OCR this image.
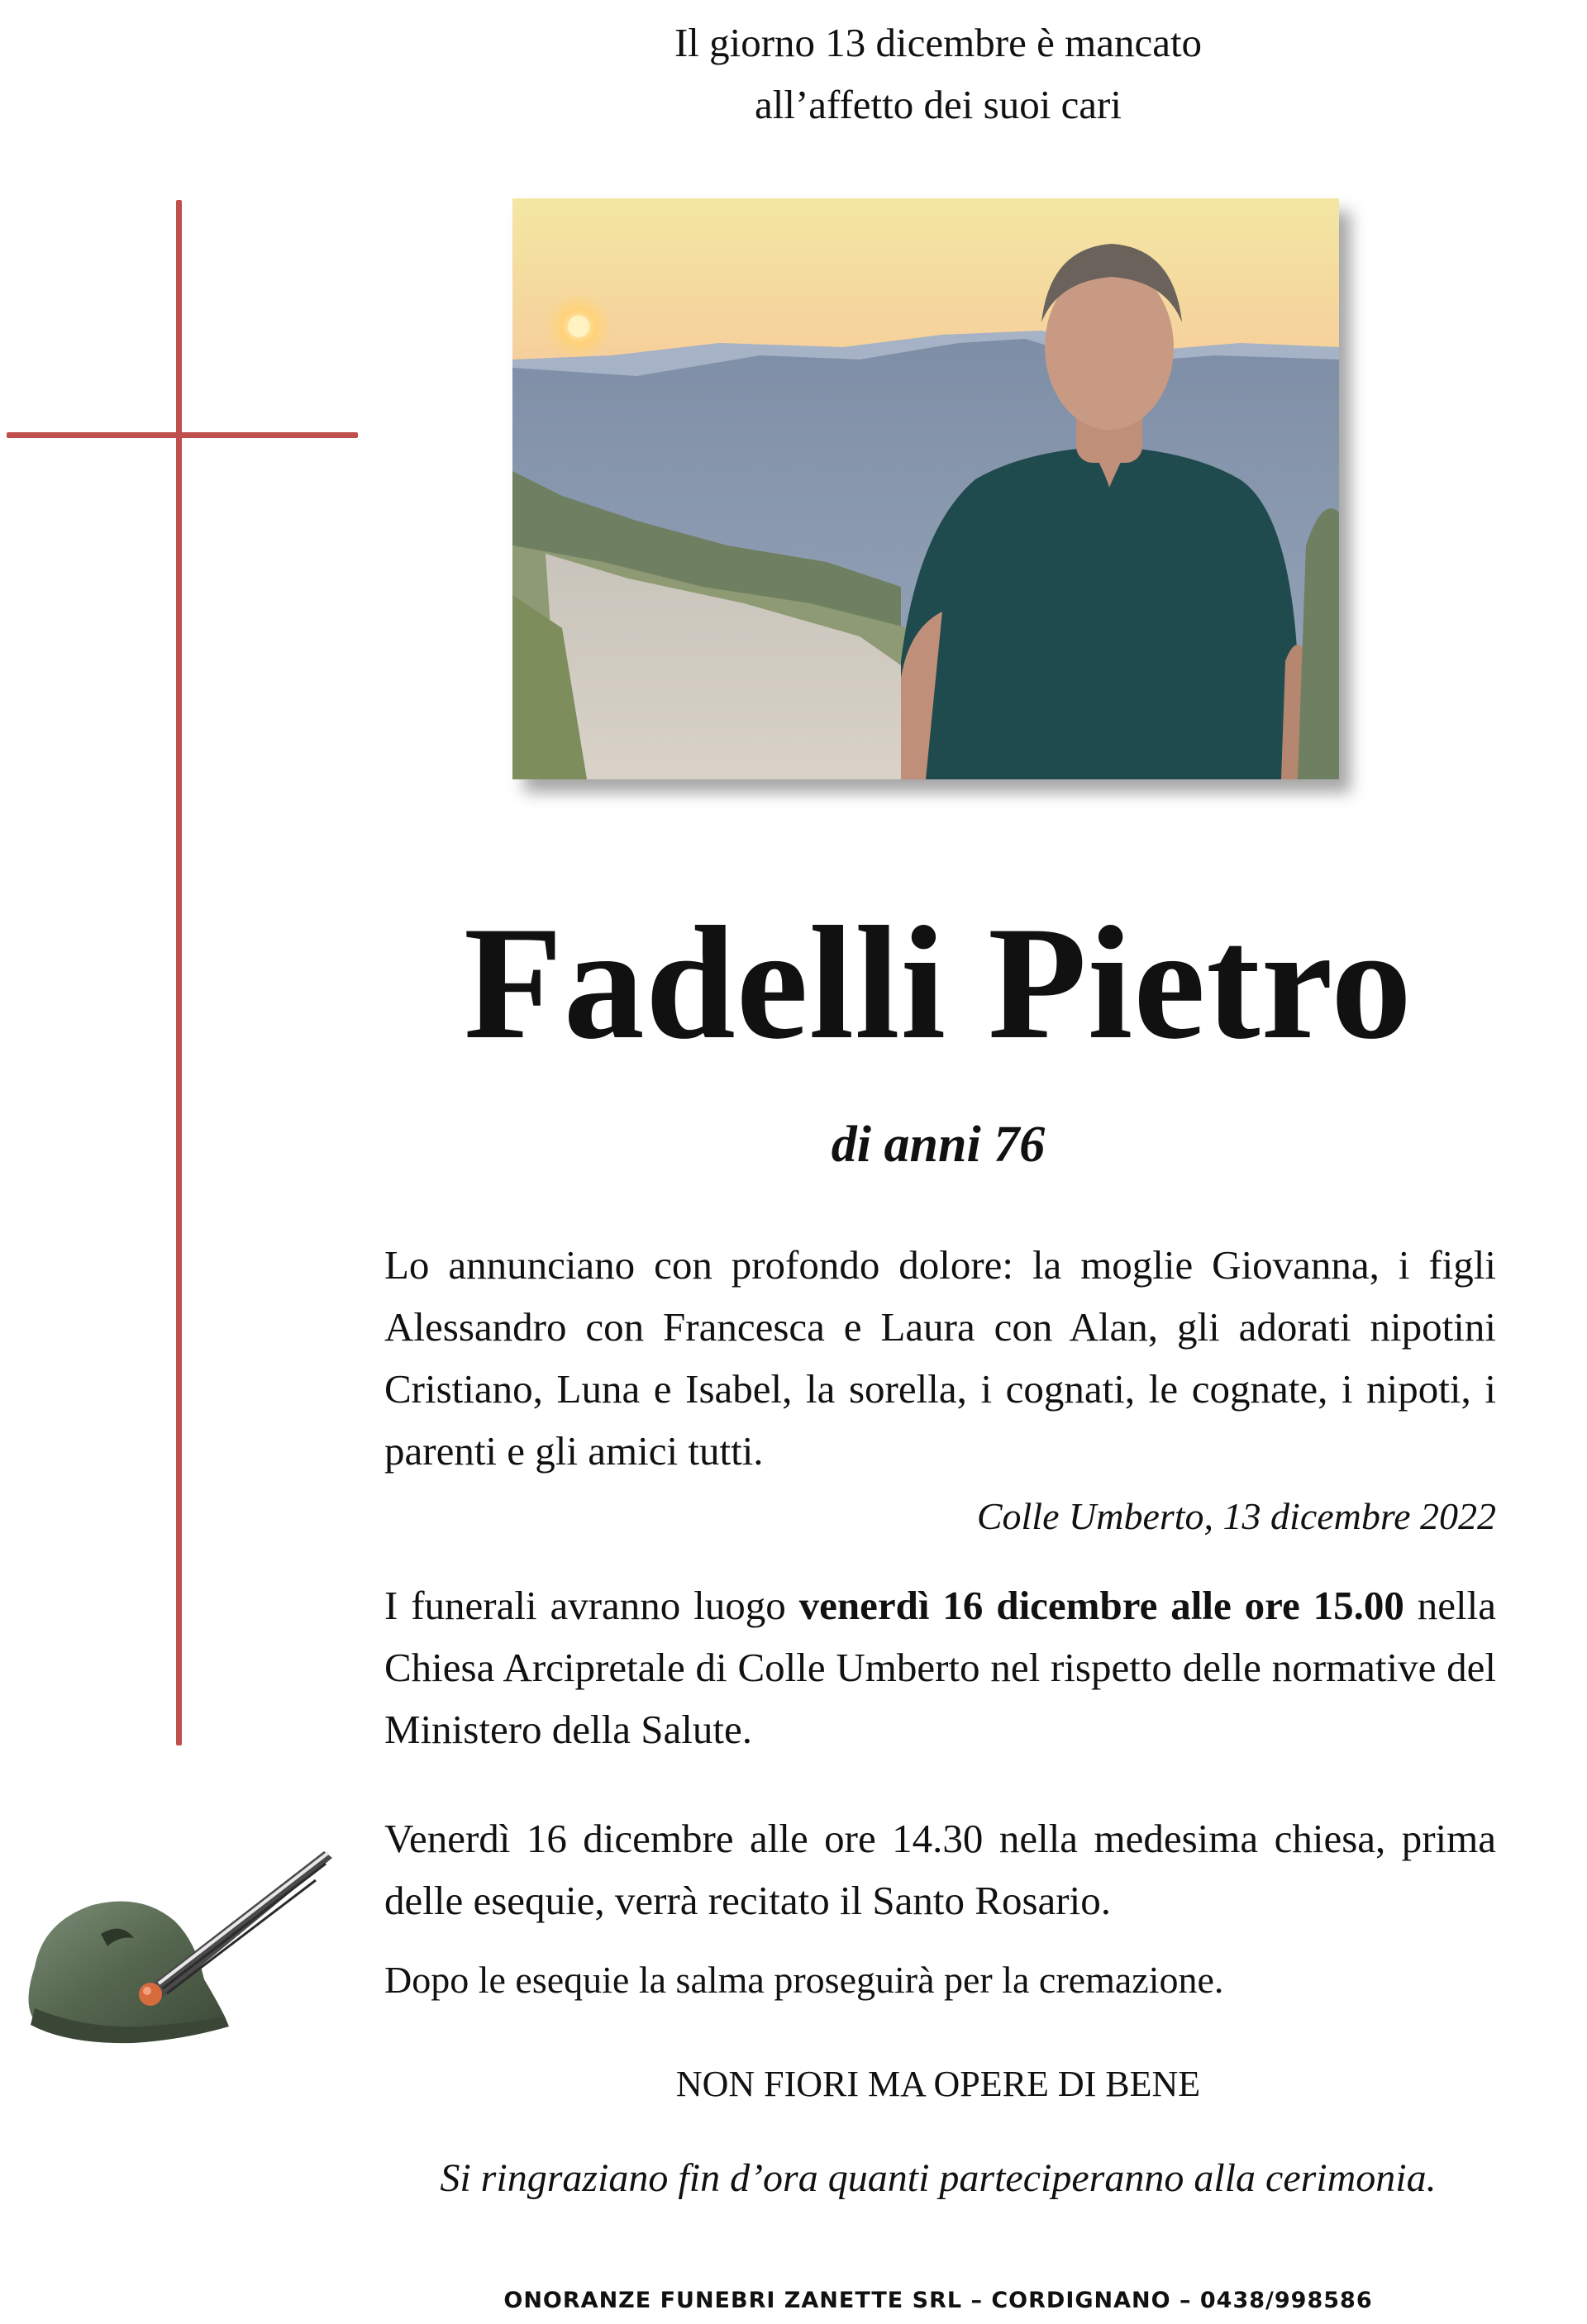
Il giorno 13 dicembre è mancato
all’affetto dei suoi cari
Fadelli Pietro
di anni 76
Lo annunciano con profondo dolore: la moglie Giovanna, i figli Alessandro con Francesca e Laura con Alan, gli adorati nipotini Cristiano, Luna e Isabel, la sorella, i cognati, le cognate, i nipoti, i parenti e gli amici tutti.
Colle Umberto, 13 dicembre 2022
I funerali avranno luogo venerdì 16 dicembre alle ore 15.00 nella Chiesa Arcipretale di Colle Umberto nel rispetto delle normative del Ministero della Salute.
Venerdì 16 dicembre alle ore 14.30 nella medesima chiesa, prima delle esequie, verrà recitato il Santo Rosario.
Dopo le esequie la salma proseguirà per la cremazione.
NON FIORI MA OPERE DI BENE
Si ringraziano fin d’ora quanti parteciperanno alla cerimonia.
ONORANZE FUNEBRI ZANETTE SRL – CORDIGNANO – 0438/998586
